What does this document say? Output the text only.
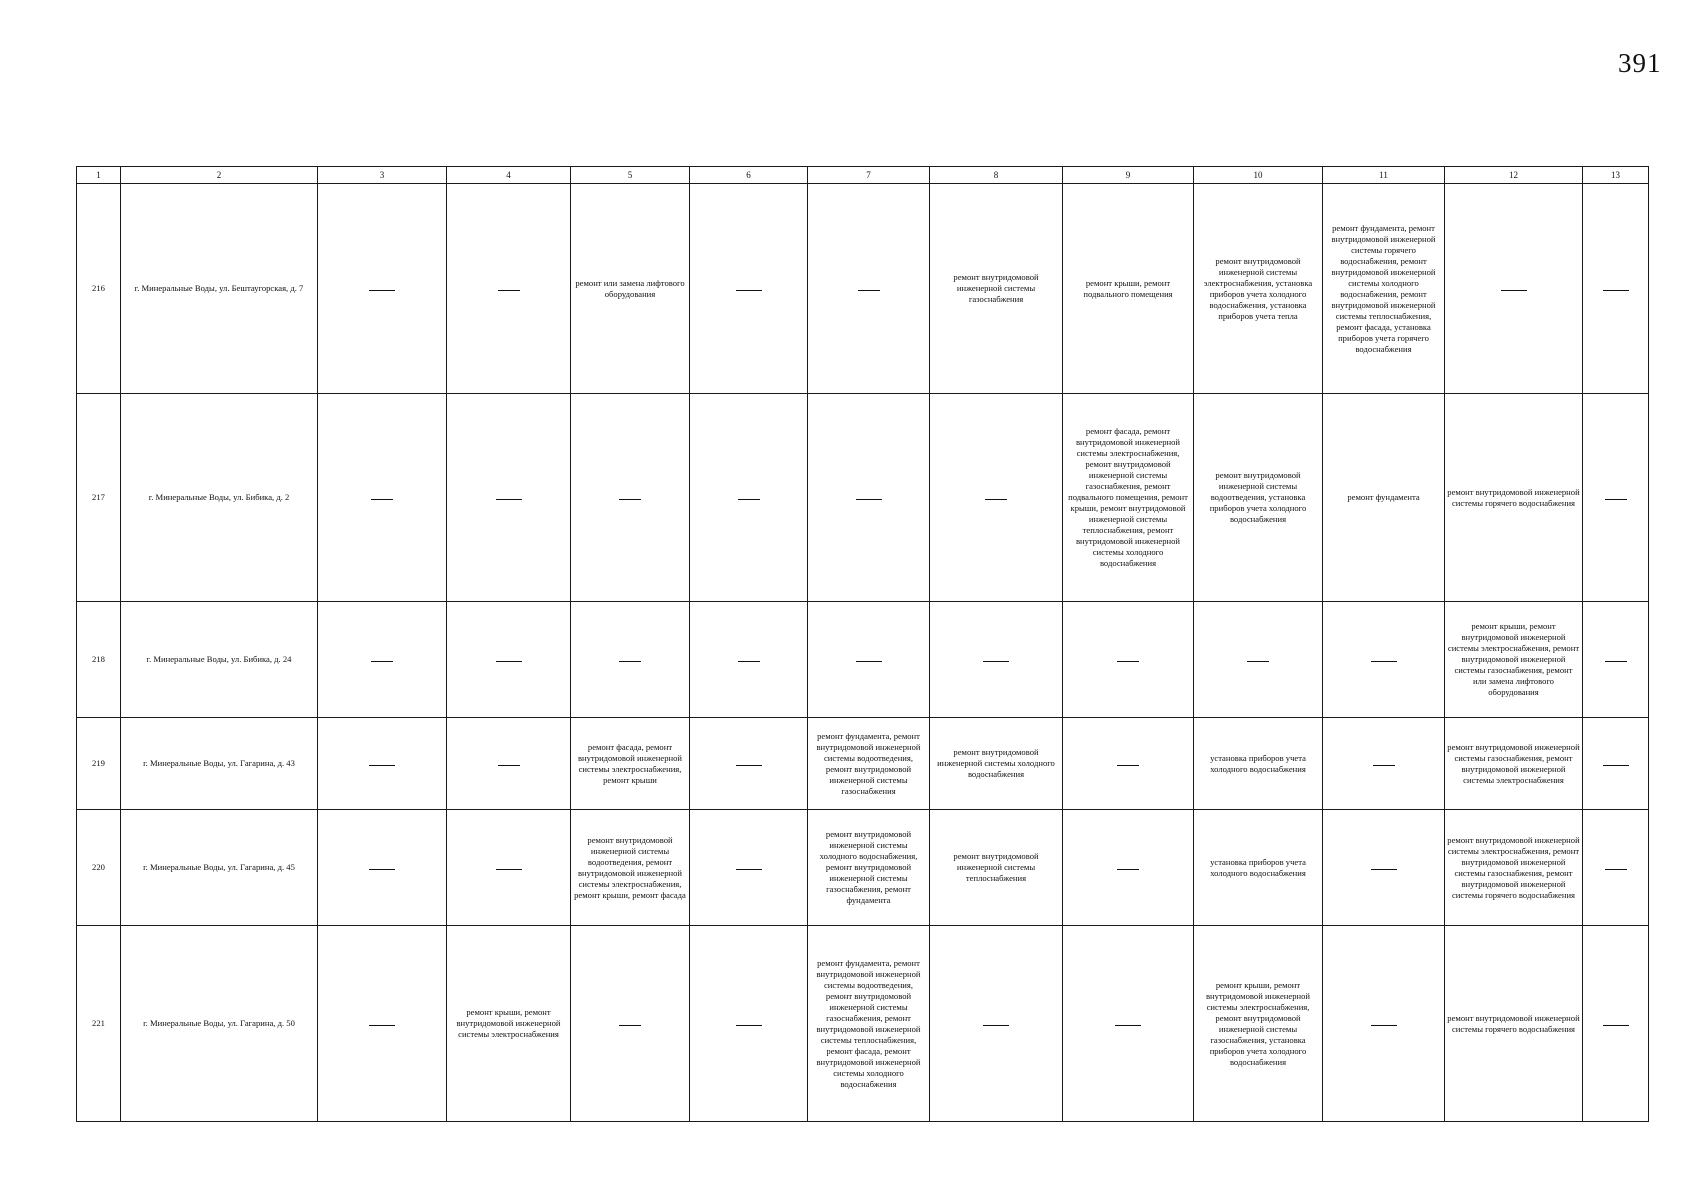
391
1	2	3	4	5	6	7	8	9	10	11	12	13
216	г. Минеральные Воды, ул. Бештаугорская, д. 7			ремонт или замена лифтового оборудования			ремонт внутридомовой инженерной системы газоснабжения	ремонт крыши, ремонт подвального помещения	ремонт внутридомовой инженерной системы электроснабжения, установка приборов учета холодного водоснабжения, установка приборов учета тепла	ремонт фундамента, ремонт внутридомовой инженерной системы горячего водоснабжения, ремонт внутридомовой инженерной системы холодного водоснабжения, ремонт внутридомовой инженерной системы теплоснабжения, ремонт фасада, установка приборов учета горячего водоснабжения		
217	г. Минеральные Воды, ул. Бибика, д. 2							ремонт фасада, ремонт внутридомовой инженерной системы электроснабжения, ремонт внутридомовой инженерной системы газоснабжения, ремонт подвального помещения, ремонт крыши, ремонт внутридомовой инженерной системы теплоснабжения, ремонт внутридомовой инженерной системы холодного водоснабжения	ремонт внутридомовой инженерной системы водоотведения, установка приборов учета холодного водоснабжения	ремонт фундамента	ремонт внутридомовой инженерной системы горячего водоснабжения	
218	г. Минеральные Воды, ул. Бибика, д. 24										ремонт крыши, ремонт внутридомовой инженерной системы электроснабжения, ремонт внутридомовой инженерной системы газоснабжения, ремонт или замена лифтового оборудования	
219	г. Минеральные Воды, ул. Гагарина, д. 43			ремонт фасада, ремонт внутридомовой инженерной системы электроснабжения, ремонт крыши		ремонт фундамента, ремонт внутридомовой инженерной системы водоотведения, ремонт внутридомовой инженерной системы газоснабжения	ремонт внутридомовой инженерной системы холодного водоснабжения		установка приборов учета холодного водоснабжения		ремонт внутридомовой инженерной системы газоснабжения, ремонт внутридомовой инженерной системы электроснабжения	
220	г. Минеральные Воды, ул. Гагарина, д. 45			ремонт внутридомовой инженерной системы водоотведения, ремонт внутридомовой инженерной системы электроснабжения, ремонт крыши, ремонт фасада		ремонт внутридомовой инженерной системы холодного водоснабжения, ремонт внутридомовой инженерной системы газоснабжения, ремонт фундамента	ремонт внутридомовой инженерной системы теплоснабжения		установка приборов учета холодного водоснабжения		ремонт внутридомовой инженерной системы электроснабжения, ремонт внутридомовой инженерной системы газоснабжения, ремонт внутридомовой инженерной системы горячего водоснабжения	
221	г. Минеральные Воды, ул. Гагарина, д. 50		ремонт крыши, ремонт внутридомовой инженерной системы электроснабжения			ремонт фундамента, ремонт внутридомовой инженерной системы водоотведения, ремонт внутридомовой инженерной системы газоснабжения, ремонт внутридомовой инженерной системы теплоснабжения, ремонт фасада, ремонт внутридомовой инженерной системы холодного водоснабжения			ремонт крыши, ремонт внутридомовой инженерной системы электроснабжения, ремонт внутридомовой инженерной системы газоснабжения, установка приборов учета холодного водоснабжения		ремонт внутридомовой инженерной системы горячего водоснабжения	
